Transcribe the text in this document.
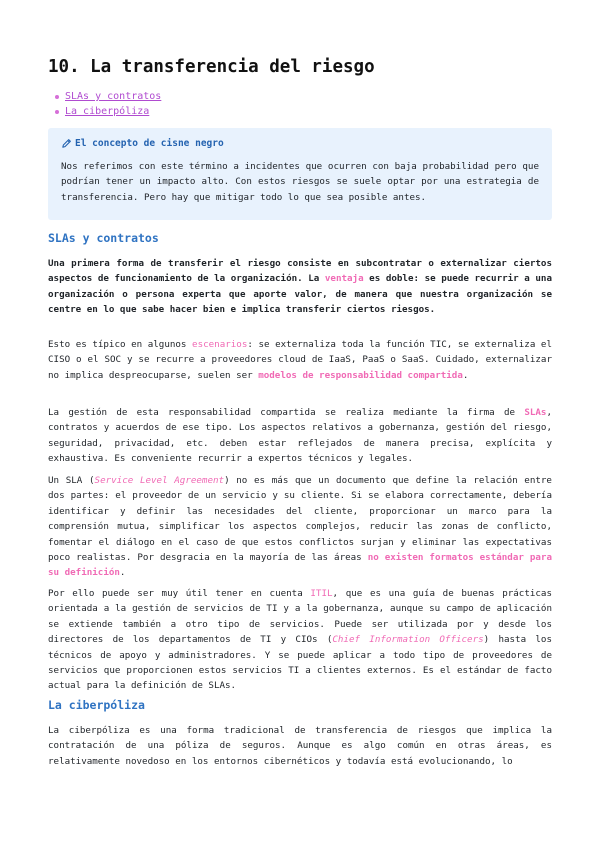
10. La transferencia del riesgo
SLAs y contratos
La ciberpóliza
El concepto de cisne negro
Nos referimos con este término a incidentes que ocurren con baja probabilidad pero que podrían tener un impacto alto. Con estos riesgos se suele optar por una estrategia de transferencia. Pero hay que mitigar todo lo que sea posible antes.
SLAs y contratos

Una primera forma de transferir el riesgo consiste en subcontratar o externalizar ciertos aspectos de funcionamiento de la organización. La ventaja es doble: se puede recurrir a una organización o persona experta que aporte valor, de manera que nuestra organización se centre en lo que sabe hacer bien e implica transferir ciertos riesgos.

Esto es típico en algunos escenarios: se externaliza toda la función TIC, se externaliza el CISO o el SOC y se recurre a proveedores cloud de IaaS, PaaS o SaaS. Cuidado, externalizar no implica despreocuparse, suelen ser modelos de responsabilidad compartida.

La gestión de esta responsabilidad compartida se realiza mediante la firma de SLAs, contratos y acuerdos de ese tipo. Los aspectos relativos a gobernanza, gestión del riesgo, seguridad, privacidad, etc. deben estar reflejados de manera precisa, explícita y exhaustiva. Es conveniente recurrir a expertos técnicos y legales.

Un SLA (Service Level Agreement) no es más que un documento que define la relación entre dos partes: el proveedor de un servicio y su cliente. Si se elabora correctamente, debería identificar y definir las necesidades del cliente, proporcionar un marco para la comprensión mutua, simplificar los aspectos complejos, reducir las zonas de conflicto, fomentar el diálogo en el caso de que estos conflictos surjan y eliminar las expectativas poco realistas. Por desgracia en la mayoría de las áreas no existen formatos estándar para su definición.

Por ello puede ser muy útil tener en cuenta ITIL, que es una guía de buenas prácticas orientada a la gestión de servicios de TI y a la gobernanza, aunque su campo de aplicación se extiende también a otro tipo de servicios. Puede ser utilizada por y desde los directores de los departamentos de TI y CIOs (Chief Information Officers) hasta los técnicos de apoyo y administradores. Y se puede aplicar a todo tipo de proveedores de servicios que proporcionen estos servicios TI a clientes externos. Es el estándar de facto actual para la definición de SLAs.

La ciberpóliza

La ciberpóliza es una forma tradicional de transferencia de riesgos que implica la contratación de una póliza de seguros. Aunque es algo común en otras áreas, es relativamente novedoso en los entornos cibernéticos y todavía está evolucionando, lo
